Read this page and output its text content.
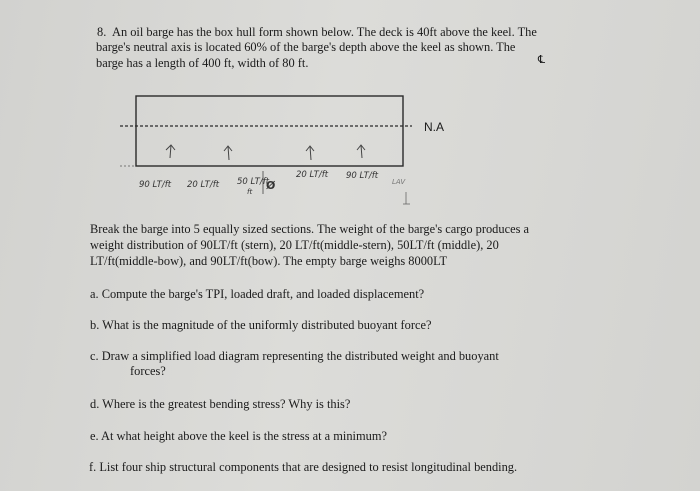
8. An oil barge has the box hull form shown below. The deck is 40ft above the keel. The
barge's neutral axis is located 60% of the barge's depth above the keel as shown. The
barge has a length of 400 ft, width of 80 ft.	℄
N.A
90 LT/ft 20 LT/ft 50 LT/ft
ft Ø
20 LT/ft 90 LT/ft
LAV
Break the barge into 5 equally sized sections. The weight of the barge's cargo produces a
weight distribution of 90LT/ft (stern), 20 LT/ft(middle-stern), 50LT/ft (middle), 20
LT/ft(middle-bow), and 90LT/ft(bow). The empty barge weighs 8000LT
a. Compute the barge's TPI, loaded draft, and loaded displacement?
b. What is the magnitude of the uniformly distributed buoyant force?
c. Draw a simplified load diagram representing the distributed weight and buoyant
forces?
d. Where is the greatest bending stress? Why is this?
e. At what height above the keel is the stress at a minimum?
f. List four ship structural components that are designed to resist longitudinal bending.
